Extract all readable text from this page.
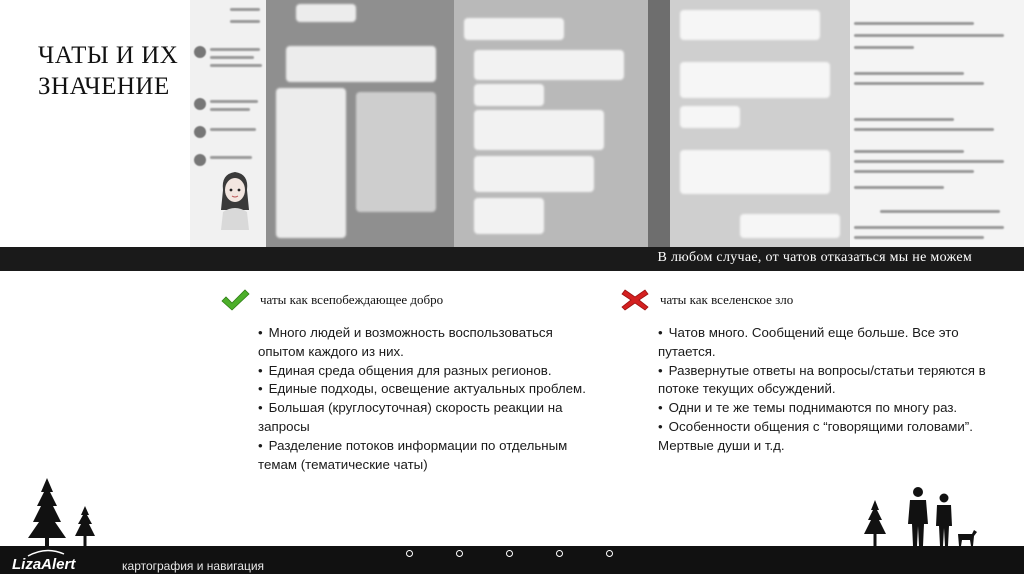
ЧАТЫ И ИХ ЗНАЧЕНИЕ
В любом случае, от чатов отказаться мы не можем
чаты как всепобеждающее добро
• Много людей и возможность воспользоваться опытом каждого из них.
• Единая среда общения для разных регионов.
• Единые подходы, освещение актуальных проблем.
• Большая (круглосуточная) скорость реакции на запросы
• Разделение потоков информации по отдельным темам (тематические чаты)
чаты как вселенское зло
• Чатов много. Сообщений еще больше. Все это путается.
• Развернутые ответы на вопросы/статьи теряются в потоке текущих обсуждений.
• Одни и те же темы поднимаются по многу раз.
• Особенности общения с “говорящими головами”. Мертвые души и т.д.
LizaAlert	картография и навигация
